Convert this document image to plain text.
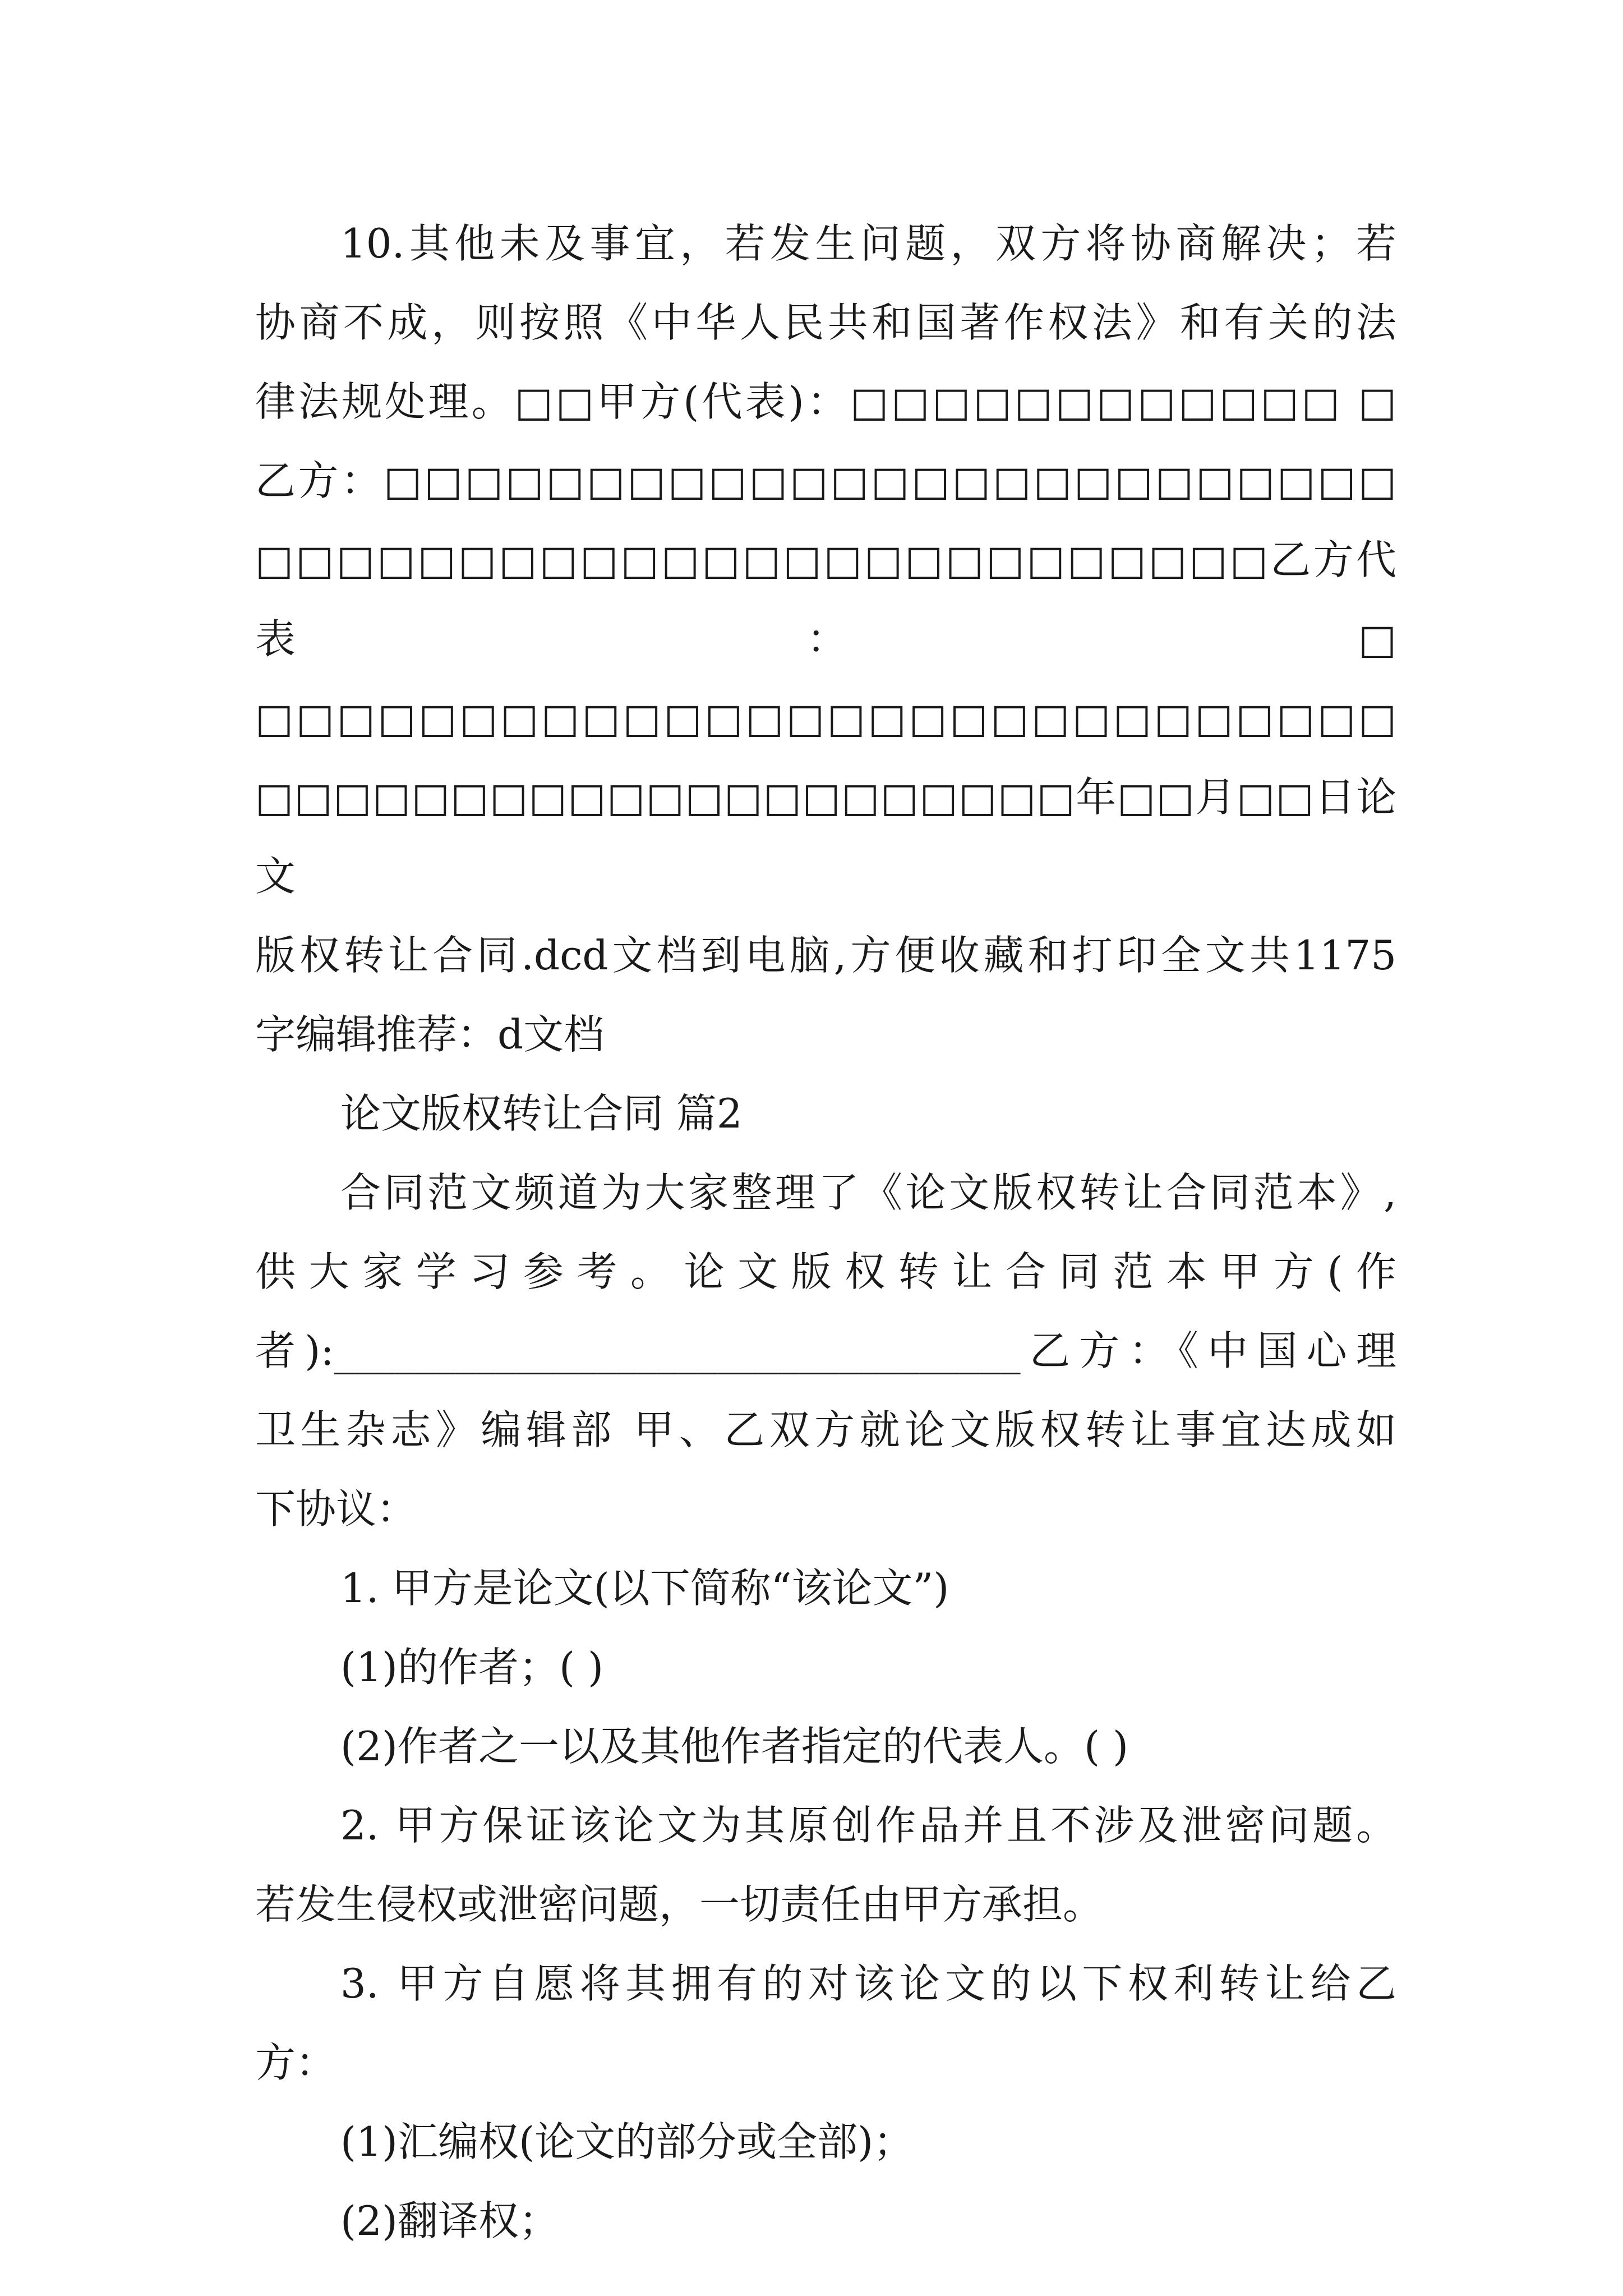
10.其他未及事宜，若发生问题，双方将协商解决；若
协商不成，则按照《中华人民共和国著作权法》和有关的法
律法规处理。□□甲方(代表)：□□□□□□□□□□□□ □
乙方：□□□□□□□□□□□□□□□□□□□□□□□□□
□□□□□□□□□□□□□□□□□□□□□□□□□乙方代表：□
□□□□□□□□□□□□□□□□□□□□□□□□□□□□
□□□□□□□□□□□□□□□□□□□□□年□□月□□日论文
版权转让合同.dcd文档到电脑,方便收藏和打印全文共1175
字编辑推荐：d文档
论文版权转让合同 篇2
合同范文频道为大家整理了《论文版权转让合同范本》,
供大家学习参考。论文版权转让合同范本甲方(作
者):__________________________________乙方：《中国心理
卫生杂志》编辑部 甲、乙双方就论文版权转让事宜达成如
下协议：
1. 甲方是论文(以下简称“该论文”)
(1)的作者；( )
(2)作者之一以及其他作者指定的代表人。( )
2. 甲方保证该论文为其原创作品并且不涉及泄密问题。
若发生侵权或泄密问题，一切责任由甲方承担。
3. 甲方自愿将其拥有的对该论文的以下权利转让给乙
方：
(1)汇编权(论文的部分或全部)；
(2)翻译权；
